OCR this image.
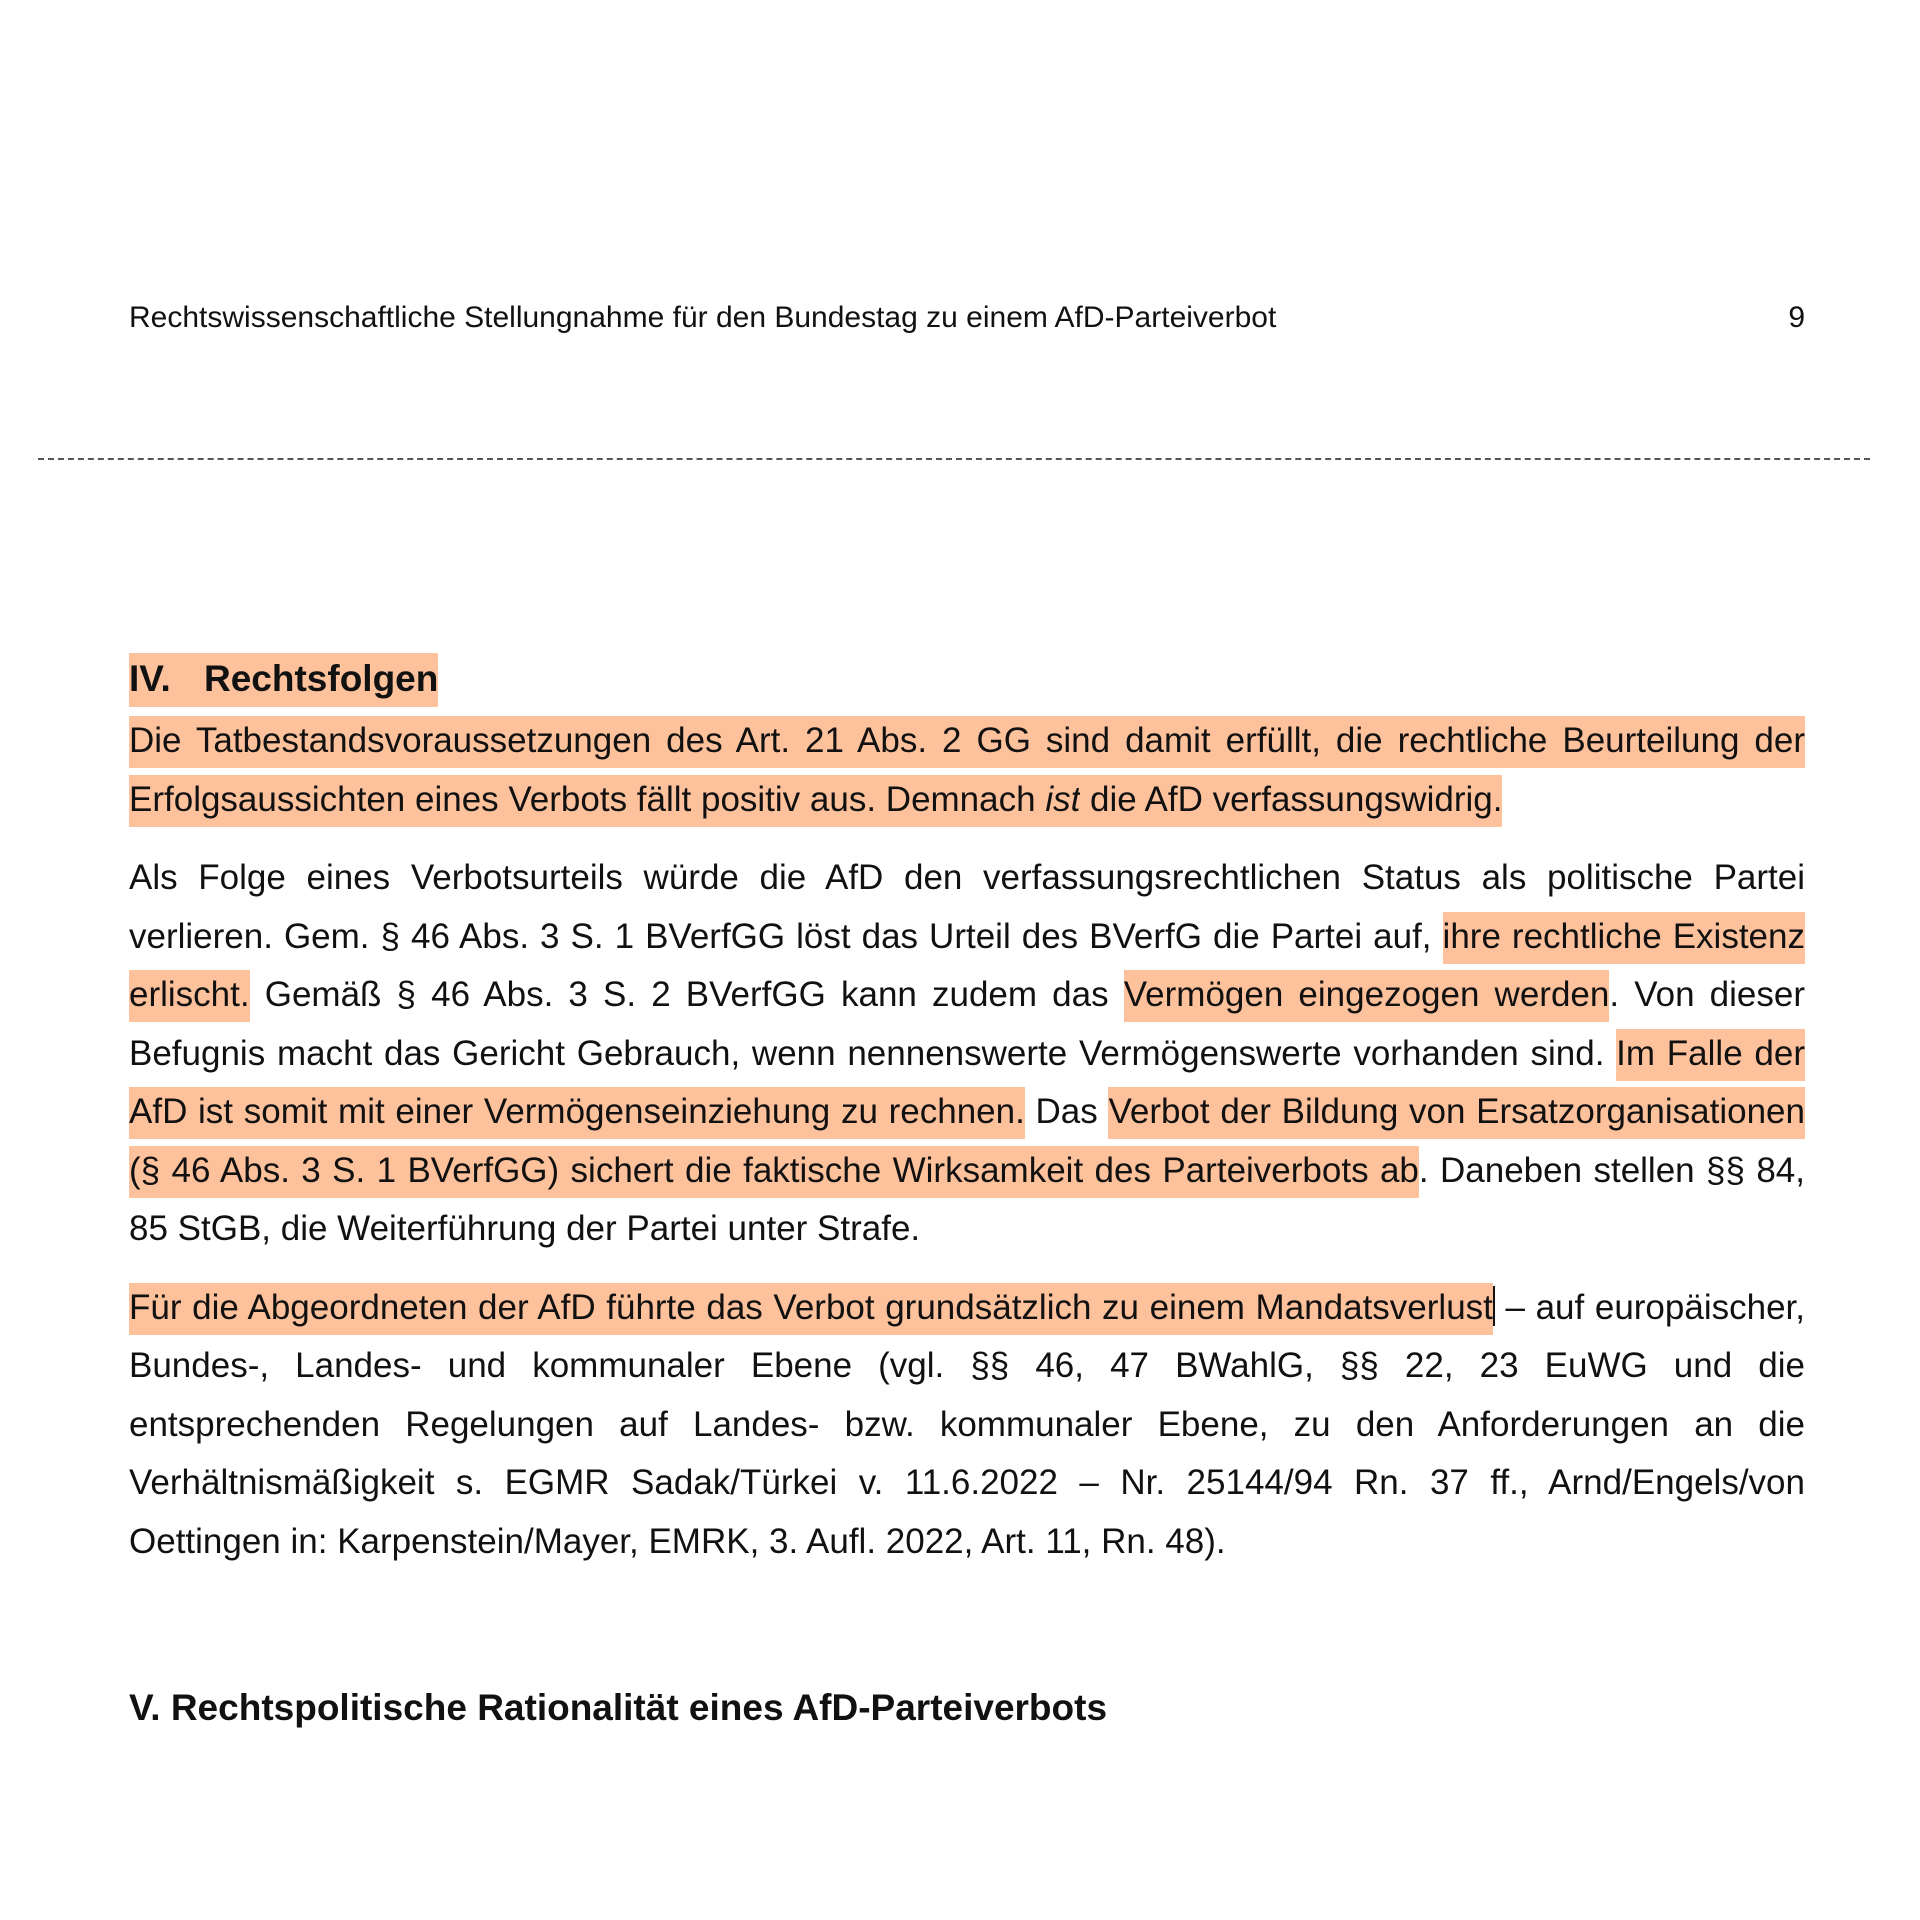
Rechtswissenschaftliche Stellungnahme für den Bundestag zu einem AfD-Parteiverbot	9
IV. Rechtsfolgen

Die Tatbestandsvoraussetzungen des Art. 21 Abs. 2 GG sind damit erfüllt, die rechtliche Beurteilung der Erfolgsaussichten eines Verbots fällt positiv aus. Demnach ist die AfD verfassungswidrig.

Als Folge eines Verbotsurteils würde die AfD den verfassungsrechtlichen Status als politische Partei verlieren. Gem. § 46 Abs. 3 S. 1 BVerfGG löst das Urteil des BVerfG die Partei auf, ihre rechtliche Existenz erlischt. Gemäß § 46 Abs. 3 S. 2 BVerfGG kann zudem das Vermögen eingezogen werden. Von dieser Befugnis macht das Gericht Gebrauch, wenn nennenswerte Vermögenswerte vorhanden sind. Im Falle der AfD ist somit mit einer Vermögenseinziehung zu rechnen. Das Verbot der Bildung von Ersatzorganisationen (§ 46 Abs. 3 S. 1 BVerfGG) sichert die faktische Wirksamkeit des Parteiverbots ab. Daneben stellen §§ 84, 85 StGB, die Weiterführung der Partei unter Strafe.

Für die Abgeordneten der AfD führte das Verbot grundsätzlich zu einem Mandatsverlust – auf europäischer, Bundes-, Landes- und kommunaler Ebene (vgl. §§ 46, 47 BWahlG, §§ 22, 23 EuWG und die entsprechenden Regelungen auf Landes- bzw. kommunaler Ebene, zu den Anforderungen an die Verhältnismäßigkeit s. EGMR Sadak/Türkei v. 11.6.2022 – Nr. 25144/94 Rn. 37 ff., Arnd/Engels/von Oettingen in: Karpenstein/Mayer, EMRK, 3. Aufl. 2022, Art. 11, Rn. 48).

V. Rechtspolitische Rationalität eines AfD-Parteiverbots
